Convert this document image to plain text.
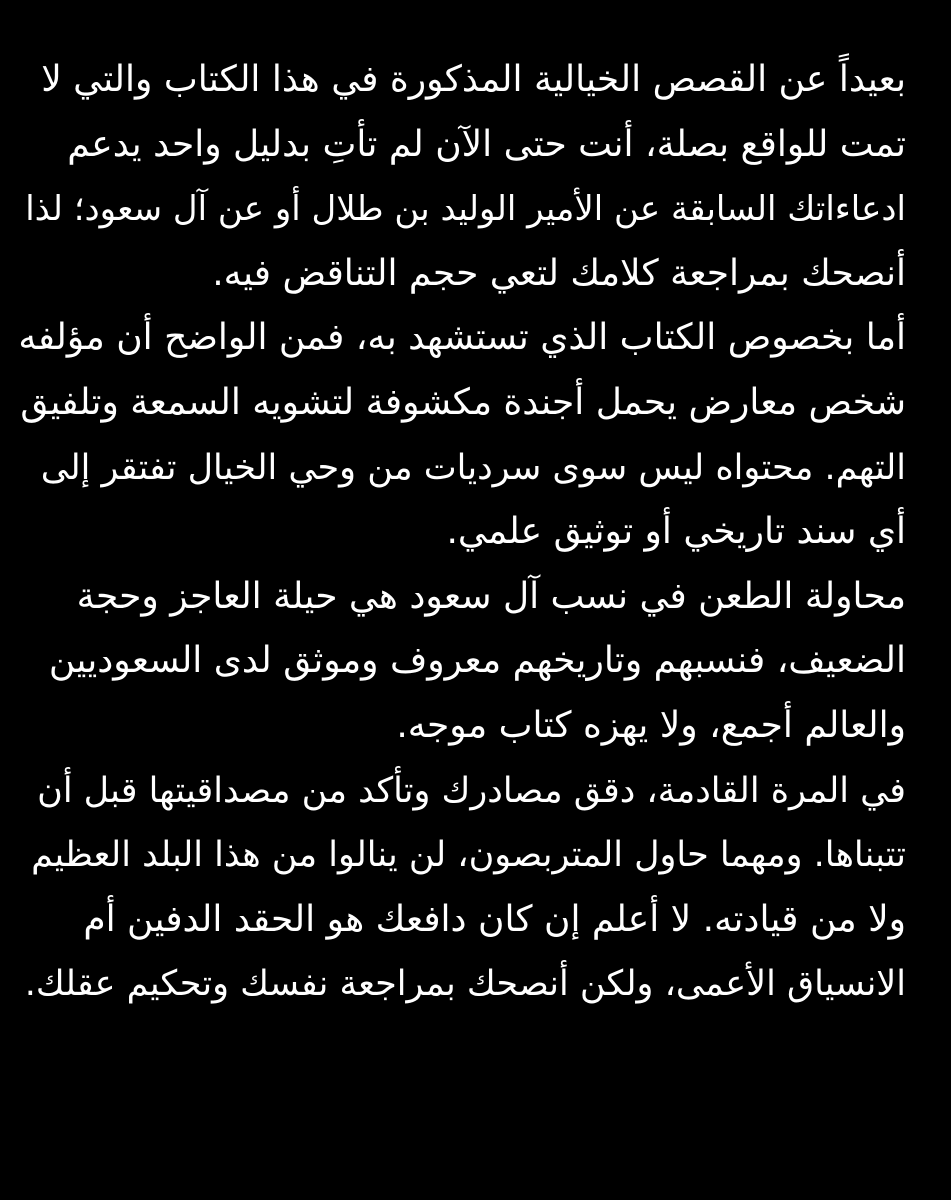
بعيداً عن القصص الخيالية المذكورة في هذا الكتاب والتي لا
تمت للواقع بصلة، أنت حتى الآن لم تأتِ بدليل واحد يدعم
ادعاءاتك السابقة عن الأمير الوليد بن طلال أو عن آل سعود؛ لذا
أنصحك بمراجعة كلامك لتعي حجم التناقض فيه.
أما بخصوص الكتاب الذي تستشهد به، فمن الواضح أن مؤلفه
شخص معارض يحمل أجندة مكشوفة لتشويه السمعة وتلفيق
التهم. محتواه ليس سوى سرديات من وحي الخيال تفتقر إلى
أي سند تاريخي أو توثيق علمي.
محاولة الطعن في نسب آل سعود هي حيلة العاجز وحجة
الضعيف، فنسبهم وتاريخهم معروف وموثق لدى السعوديين
والعالم أجمع، ولا يهزه كتاب موجه.
في المرة القادمة، دقق مصادرك وتأكد من مصداقيتها قبل أن
تتبناها. ومهما حاول المتربصون، لن ينالوا من هذا البلد العظيم
ولا من قيادته. لا أعلم إن كان دافعك هو الحقد الدفين أم
الانسياق الأعمى، ولكن أنصحك بمراجعة نفسك وتحكيم عقلك.
